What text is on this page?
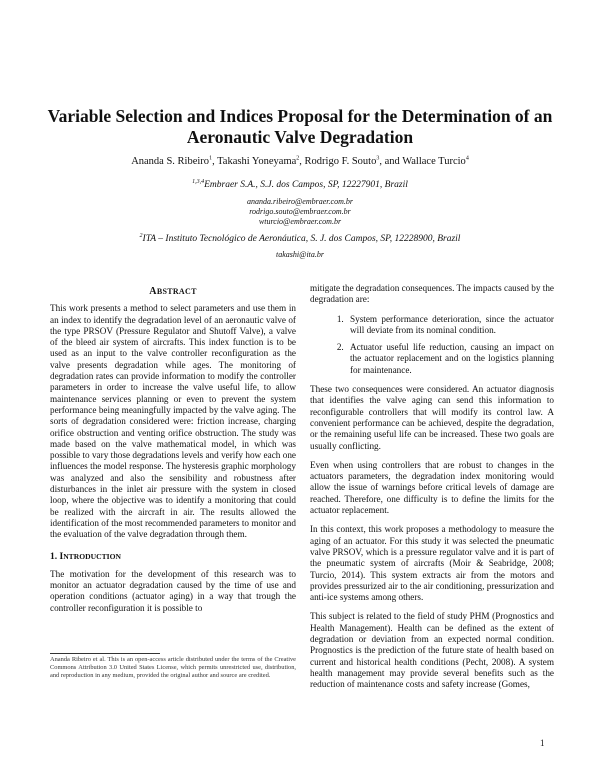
Variable Selection and Indices Proposal for the Determination of an
Aeronautic Valve Degradation
Ananda S. Ribeiro$^1$, Takashi Yoneyama$^2$, Rodrigo F. Souto$^3$, and Wallace Turcio$^4$
$^{1,3,4}$Embraer S.A., S.J. dos Campos, SP, 12227901, Brazil
ananda.ribeiro@embraer.com.br
rodrigo.souto@embraer.com.br
wturcio@embraer.com.br
$^2$ITA – Instituto Tecnológico de Aeronáutica, S. J. dos Campos, SP, 12228900, Brazil
takashi@ita.br
ABSTRACT

This work presents a method to select parameters and use them in an index to identify the degradation level of an aeronautic valve of the type PRSOV (Pressure Regulator and Shutoff Valve), a valve of the bleed air system of aircrafts. This index function is to be used as an input to the valve controller reconfiguration as the valve presents degradation while ages. The monitoring of degradation rates can provide information to modify the controller parameters in order to increase the valve useful life, to allow maintenance services planning or even to prevent the system performance being meaningfully impacted by the valve aging. The sorts of degradation considered were: friction increase, charging orifice obstruction and venting orifice obstruction. The study was made based on the valve mathematical model, in which was possible to vary those degradations levels and verify how each one influences the model response. The hysteresis graphic morphology was analyzed and also the sensibility and robustness after disturbances in the inlet air pressure with the system in closed loop, where the objective was to identify a monitoring that could be realized with the aircraft in air. The results allowed the identification of the most recommended parameters to monitor and the evaluation of the valve degradation through them.

1. INTRODUCTION

The motivation for the development of this research was to monitor an actuator degradation caused by the time of use and operation conditions (actuator aging) in a way that trough the controller reconfiguration it is possible to

Ananda Ribeiro et al. This is an open-access article distributed under the terms of the Creative Commons Attribution 3.0 United States License, which permits unrestricted use, distribution, and reproduction in any medium, provided the original author and source are credited.

mitigate the degradation consequences. The impacts caused by the degradation are:

1. System performance deterioration, since the actuator will deviate from its nominal condition.
2. Actuator useful life reduction, causing an impact on the actuator replacement and on the logistics planning for maintenance.

These two consequences were considered. An actuator diagnosis that identifies the valve aging can send this information to reconfigurable controllers that will modify its control law. A convenient performance can be achieved, despite the degradation, or the remaining useful life can be increased. These two goals are usually conflicting.

Even when using controllers that are robust to changes in the actuators parameters, the degradation index monitoring would allow the issue of warnings before critical levels of damage are reached. Therefore, one difficulty is to define the limits for the actuator replacement.

In this context, this work proposes a methodology to measure the aging of an actuator. For this study it was selected the pneumatic valve PRSOV, which is a pressure regulator valve and it is part of the pneumatic system of aircrafts (Moir & Seabridge, 2008; Turcio, 2014). This system extracts air from the motors and provides pressurized air to the air conditioning, pressurization and anti-ice systems among others.

This subject is related to the field of study PHM (Prognostics and Health Management). Health can be defined as the extent of degradation or deviation from an expected normal condition. Prognostics is the prediction of the future state of health based on current and historical health conditions (Pecht, 2008). A system health management may provide several benefits such as the reduction of maintenance costs and safety increase (Gomes,

1
